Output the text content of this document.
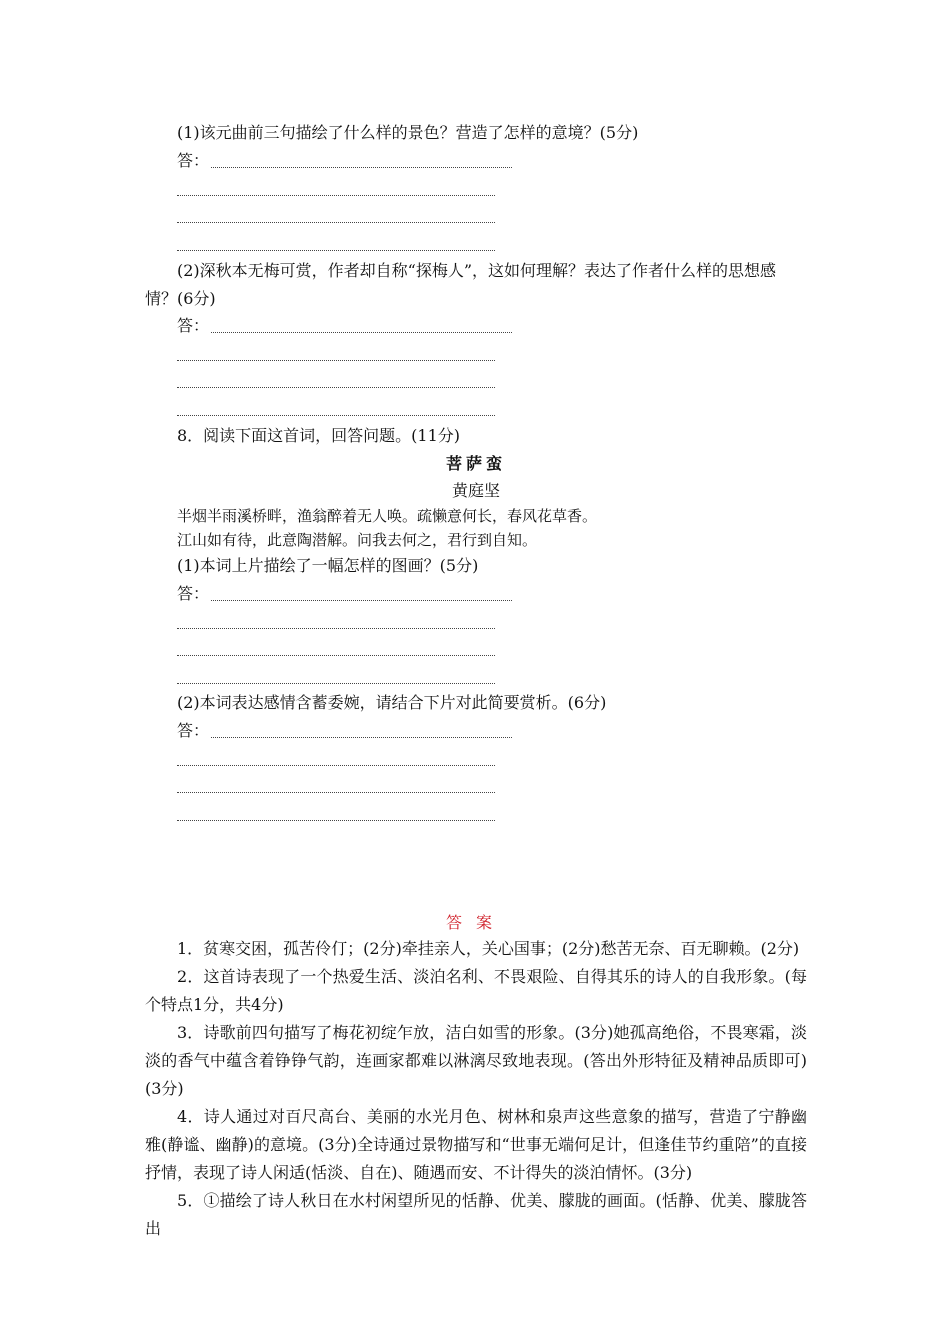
(1)该元曲前三句描绘了什么样的景色？营造了怎样的意境？(5分)
答：
(2)深秋本无梅可赏，作者却自称“探梅人”，这如何理解？表达了作者什么样的思想感
情？(6分)
答：
8．阅读下面这首词，回答问题。(11分)
菩萨蛮
黄庭坚
半烟半雨溪桥畔，渔翁醉着无人唤。疏懒意何长，春风花草香。
江山如有待，此意陶潜解。问我去何之，君行到自知。
(1)本词上片描绘了一幅怎样的图画？(5分)
答：
(2)本词表达感情含蓄委婉，请结合下片对此简要赏析。(6分)
答：
答案

1．贫寒交困，孤苦伶仃；(2分)牵挂亲人，关心国事；(2分)愁苦无奈、百无聊赖。(2分)

2．这首诗表现了一个热爱生活、淡泊名利、不畏艰险、自得其乐的诗人的自我形象。(每个特点1分，共4分)

3．诗歌前四句描写了梅花初绽乍放，洁白如雪的形象。(3分)她孤高绝俗，不畏寒霜，淡淡的香气中蕴含着铮铮气韵，连画家都难以淋漓尽致地表现。(答出外形特征及精神品质即可)(3分)

4．诗人通过对百尺高台、美丽的水光月色、树林和泉声这些意象的描写，营造了宁静幽雅(静谧、幽静)的意境。(3分)全诗通过景物描写和“世事无端何足计，但逢佳节约重陪”的直接抒情，表现了诗人闲适(恬淡、自在)、随遇而安、不计得失的淡泊情怀。(3分)

5．①描绘了诗人秋日在水村闲望所见的恬静、优美、朦胧的画面。(恬静、优美、朦胧答出
